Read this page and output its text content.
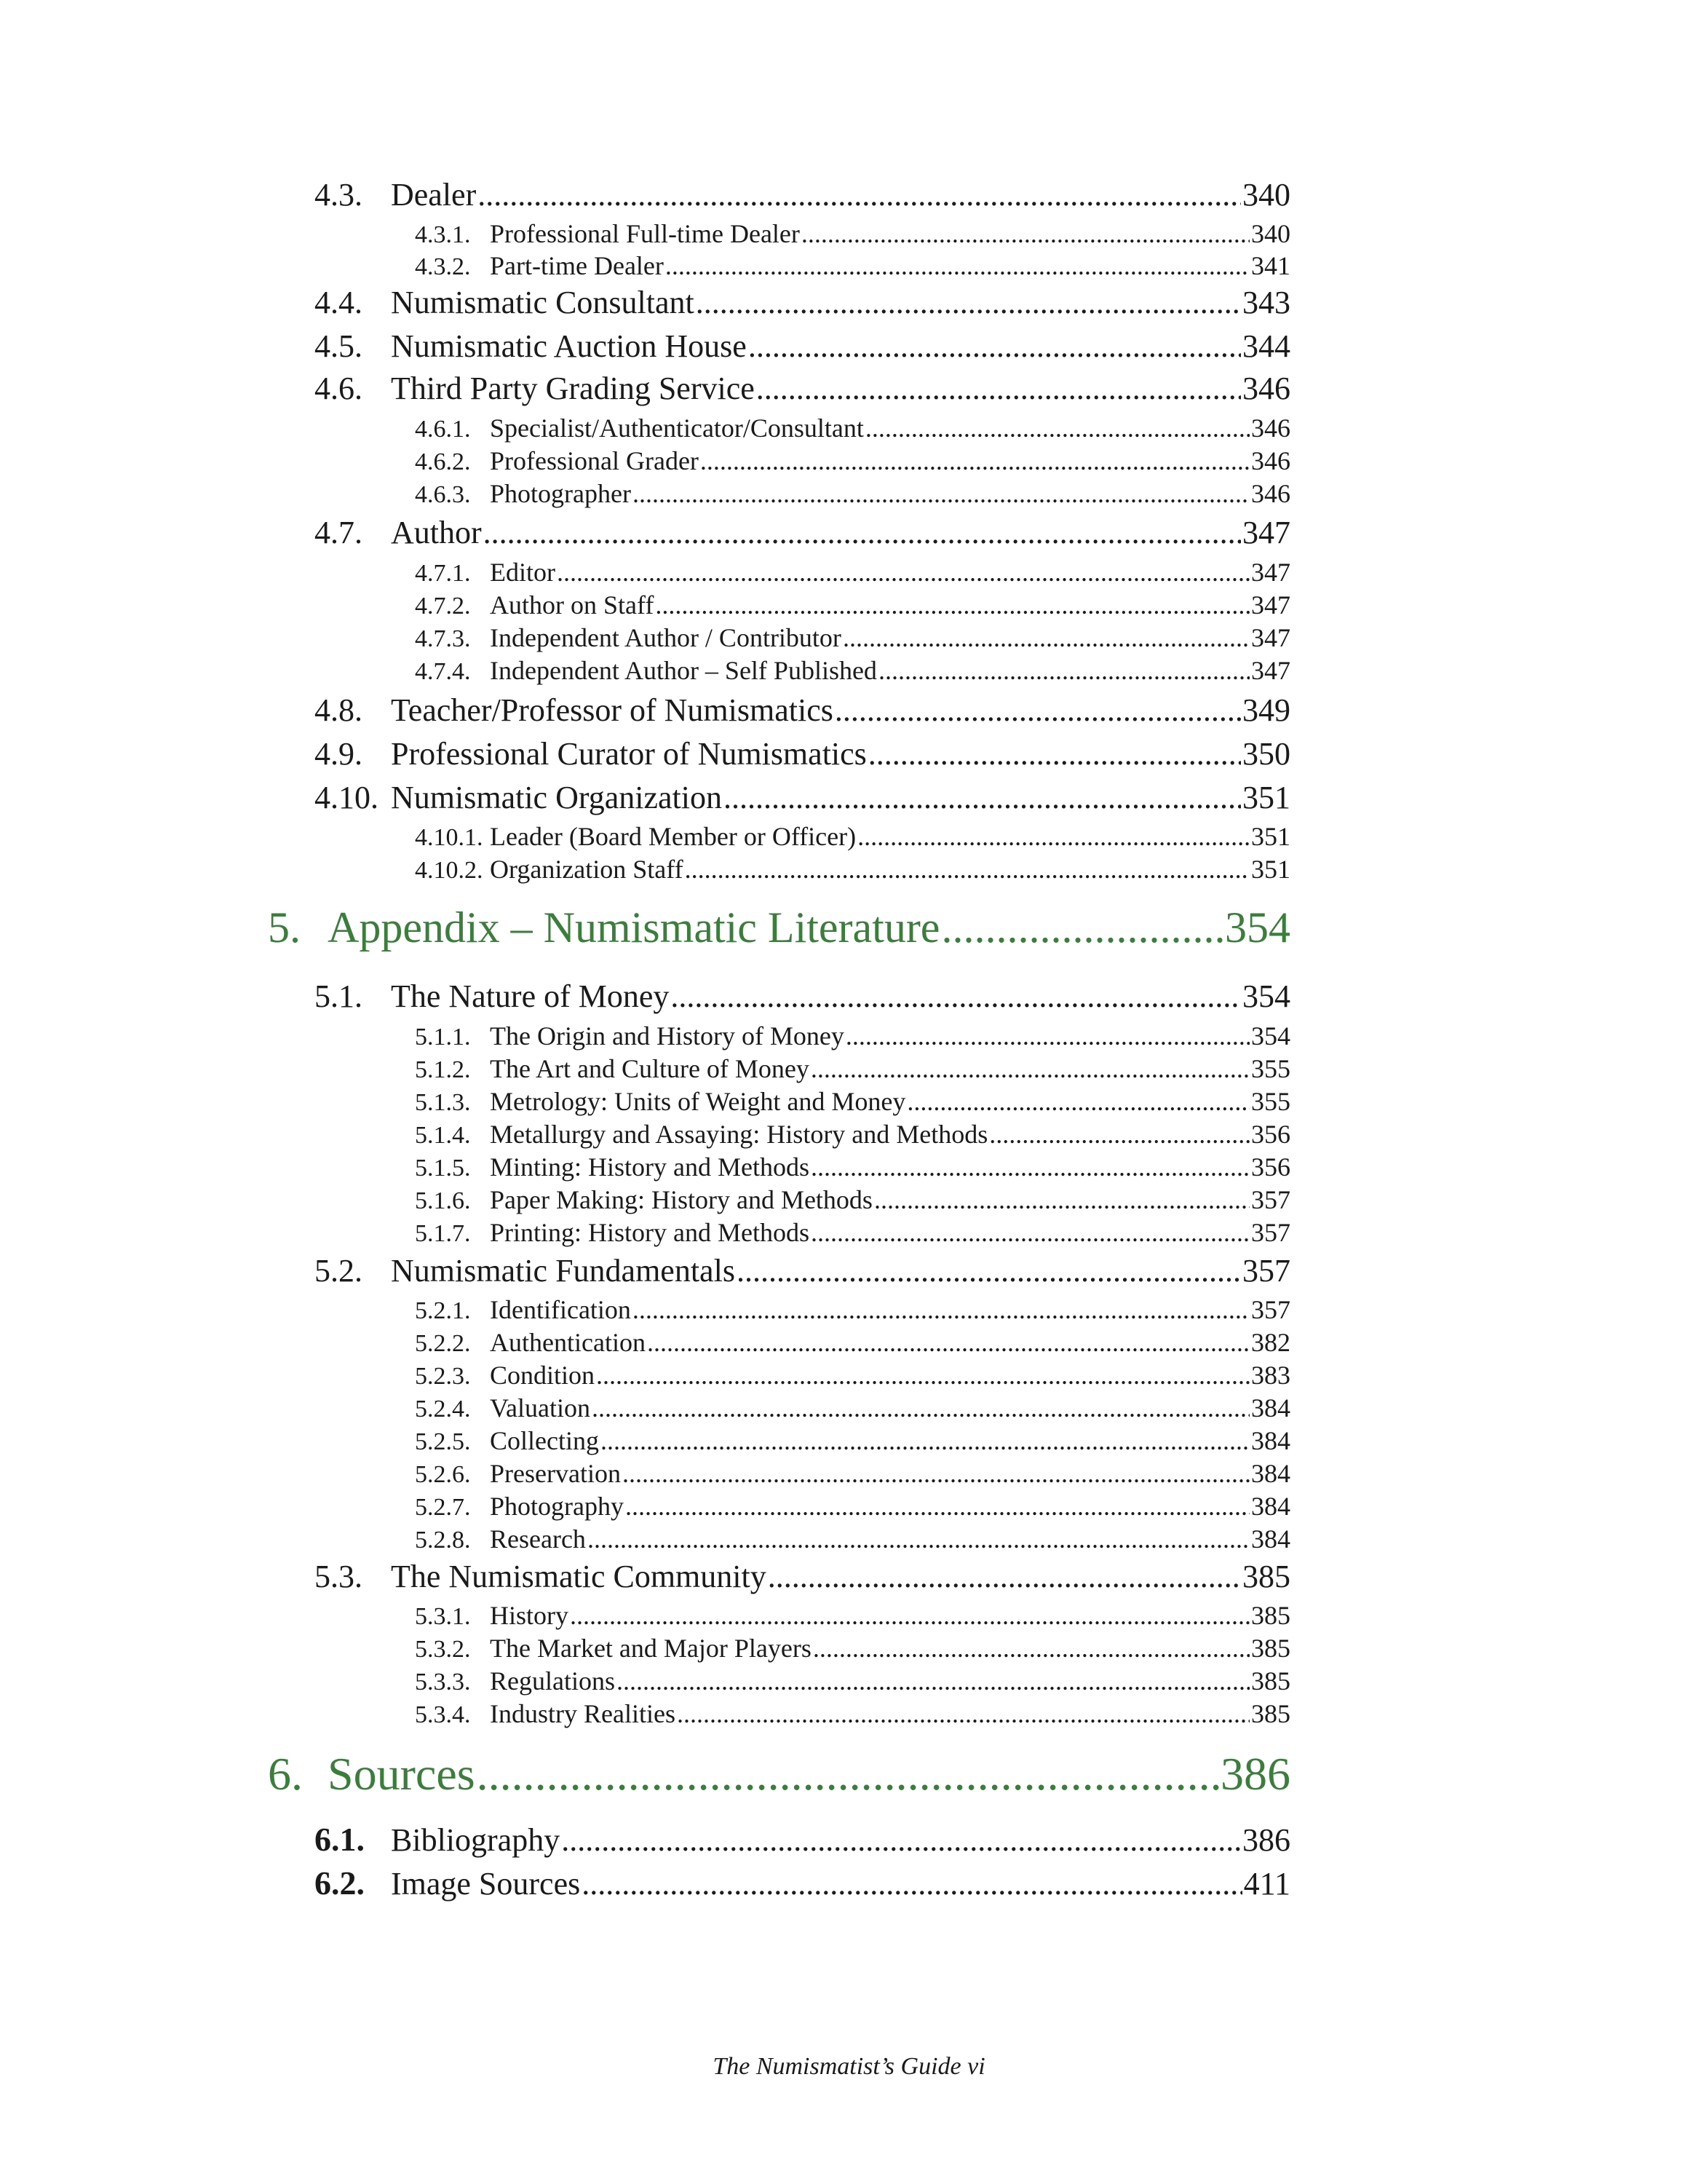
4.3. Dealer .....	340
4.3.1. Professional Full-time Dealer .....	340
4.3.2. Part-time Dealer .....	341
4.4. Numismatic Consultant .....	343
4.5. Numismatic Auction House .....	344
4.6. Third Party Grading Service .....	346
4.6.1. Specialist/Authenticator/Consultant .....	346
4.6.2. Professional Grader .....	346
4.6.3. Photographer .....	346
4.7. Author .....	347
4.7.1. Editor .....	347
4.7.2. Author on Staff .....	347
4.7.3. Independent Author / Contributor .....	347
4.7.4. Independent Author – Self Published .....	347
4.8. Teacher/Professor of Numismatics .....	349
4.9. Professional Curator of Numismatics .....	350
4.10. Numismatic Organization .....	351
4.10.1. Leader (Board Member or Officer) .....	351
4.10.2. Organization Staff .....	351
5. Appendix – Numismatic Literature .....	354
5.1. The Nature of Money .....	354
5.1.1. The Origin and History of Money .....	354
5.1.2. The Art and Culture of Money .....	355
5.1.3. Metrology: Units of Weight and Money .....	355
5.1.4. Metallurgy and Assaying: History and Methods .....	356
5.1.5. Minting: History and Methods .....	356
5.1.6. Paper Making: History and Methods .....	357
5.1.7. Printing: History and Methods .....	357
5.2. Numismatic Fundamentals .....	357
5.2.1. Identification .....	357
5.2.2. Authentication .....	382
5.2.3. Condition .....	383
5.2.4. Valuation .....	384
5.2.5. Collecting .....	384
5.2.6. Preservation .....	384
5.2.7. Photography .....	384
5.2.8. Research .....	384
5.3. The Numismatic Community .....	385
5.3.1. History .....	385
5.3.2. The Market and Major Players .....	385
5.3.3. Regulations .....	385
5.3.4. Industry Realities .....	385
6. Sources .....	386
6.1. Bibliography .....	386
6.2. Image Sources .....	411
The Numismatist’s Guide vi
